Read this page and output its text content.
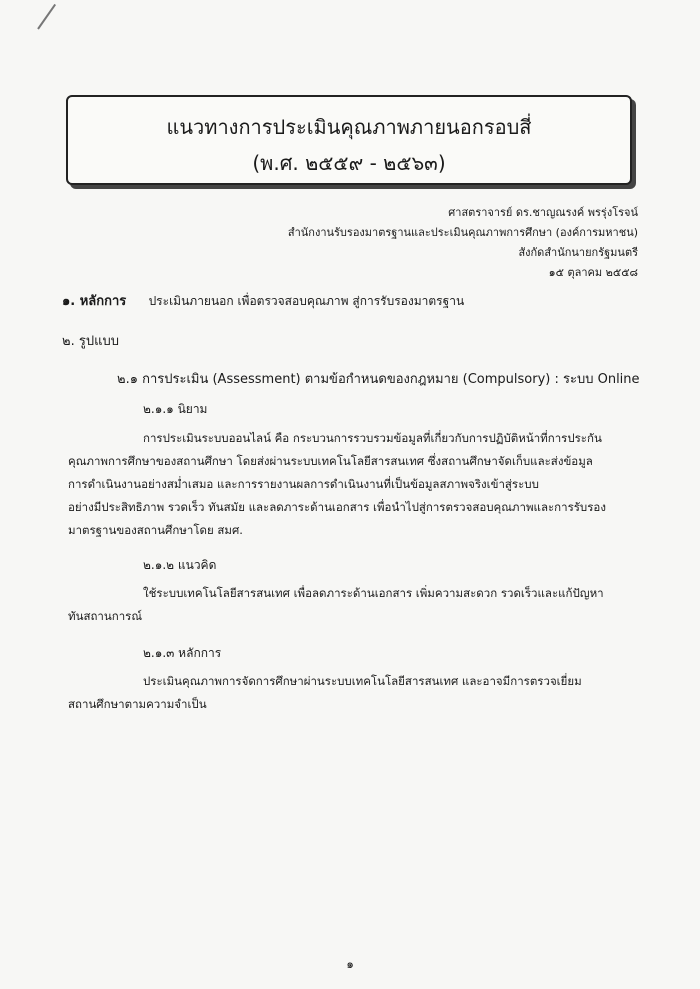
แนวทางการประเมินคุณภาพภายนอกรอบสี่
(พ.ศ. ๒๕๕๙ - ๒๕๖๓)
ศาสตราจารย์ ดร.ชาญณรงค์ พรรุ่งโรจน์
สำนักงานรับรองมาตรฐานและประเมินคุณภาพการศึกษา (องค์การมหาชน)
สังกัดสำนักนายกรัฐมนตรี
๑๕ ตุลาคม ๒๕๕๘
๑. หลักการ ประเมินภายนอก เพื่อตรวจสอบคุณภาพ สู่การรับรองมาตรฐาน
๒. รูปแบบ
๒.๑ การประเมิน (Assessment) ตามข้อกำหนดของกฎหมาย (Compulsory) : ระบบ Online
๒.๑.๑ นิยาม
การประเมินระบบออนไลน์ คือ กระบวนการรวบรวมข้อมูลที่เกี่ยวกับการปฏิบัติหน้าที่การประกัน
คุณภาพการศึกษาของสถานศึกษา โดยส่งผ่านระบบเทคโนโลยีสารสนเทศ ซึ่งสถานศึกษาจัดเก็บและส่งข้อมูล
การดำเนินงานอย่างสม่ำเสมอ และการรายงานผลการดำเนินงานที่เป็นข้อมูลสภาพจริงเข้าสู่ระบบ
อย่างมีประสิทธิภาพ รวดเร็ว ทันสมัย และลดภาระด้านเอกสาร เพื่อนำไปสู่การตรวจสอบคุณภาพและการรับรอง
มาตรฐานของสถานศึกษาโดย สมศ.
๒.๑.๒ แนวคิด
ใช้ระบบเทคโนโลยีสารสนเทศ เพื่อลดภาระด้านเอกสาร เพิ่มความสะดวก รวดเร็วและแก้ปัญหา
ทันสถานการณ์
๒.๑.๓ หลักการ
ประเมินคุณภาพการจัดการศึกษาผ่านระบบเทคโนโลยีสารสนเทศ และอาจมีการตรวจเยี่ยม
สถานศึกษาตามความจำเป็น
๑
